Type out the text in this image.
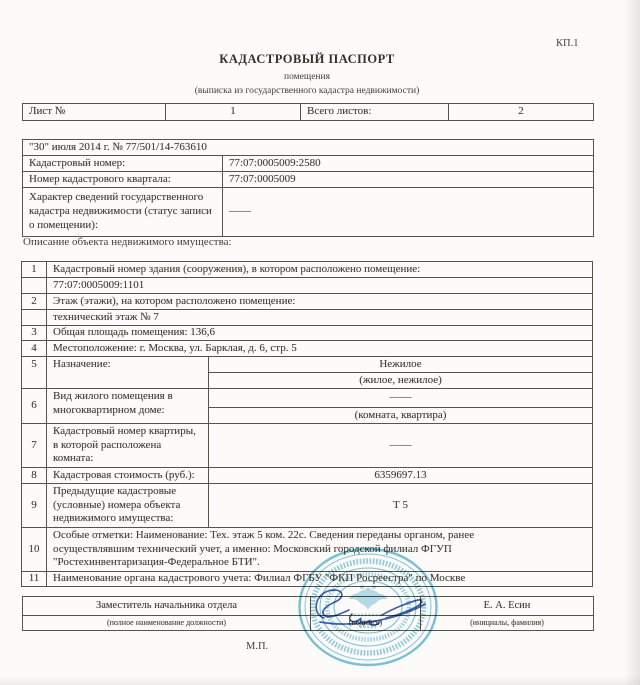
КП.1
КАДАСТРОВЫЙ ПАСПОРТ
помещения
(выписка из государственного кадастра недвижимости)
Лист №	1	Всего листов:	2
"30" июля 2014 г. № 77/501/14-763610	
Кадастровый номер:	77:07:0005009:2580
Номер кадастрового квартала:	77:07:0005009
Характер сведений государственного кадастра недвижимости (статус записи о помещении):	——
Описание объекта недвижимого имущества:
1	Кадастровый номер здания (сооружения), в котором расположено помещение:	
	77:07:0005009:1101	
2	Этаж (этажи), на котором расположено помещение:	
	технический этаж № 7	
3	Общая площадь помещения: 136,6	
4	Местоположение: г. Москва, ул. Барклая, д. 6, стр. 5	
5	Назначение:	Нежилое
		(жилое, нежилое)
6	Вид жилого помещения в многоквартирном доме:	——
		(комната, квартира)
7	Кадастровый номер квартиры, в которой расположена комната:	——
8	Кадастровая стоимость (руб.):	6359697.13
9	Предыдущие кадастровые (условные) номера объекта недвижимого имущества:	Т 5
10	Особые отметки: Наименование: Тех. этаж 5 ком. 22с. Сведения переданы органом, ранее осуществлявшим технический учет, а именно: Московский городской филиал ФГУП "Ростехинвентаризация-Федеральное БТИ".	
11	Наименование органа кадастрового учета: Филиал ФГБУ "ФКП Росреестра" по Москве	
Заместитель начальника отдела		Е. А. Есин
(полное наименование должности)	(подпись)	(инициалы, фамилия)
М.П.
